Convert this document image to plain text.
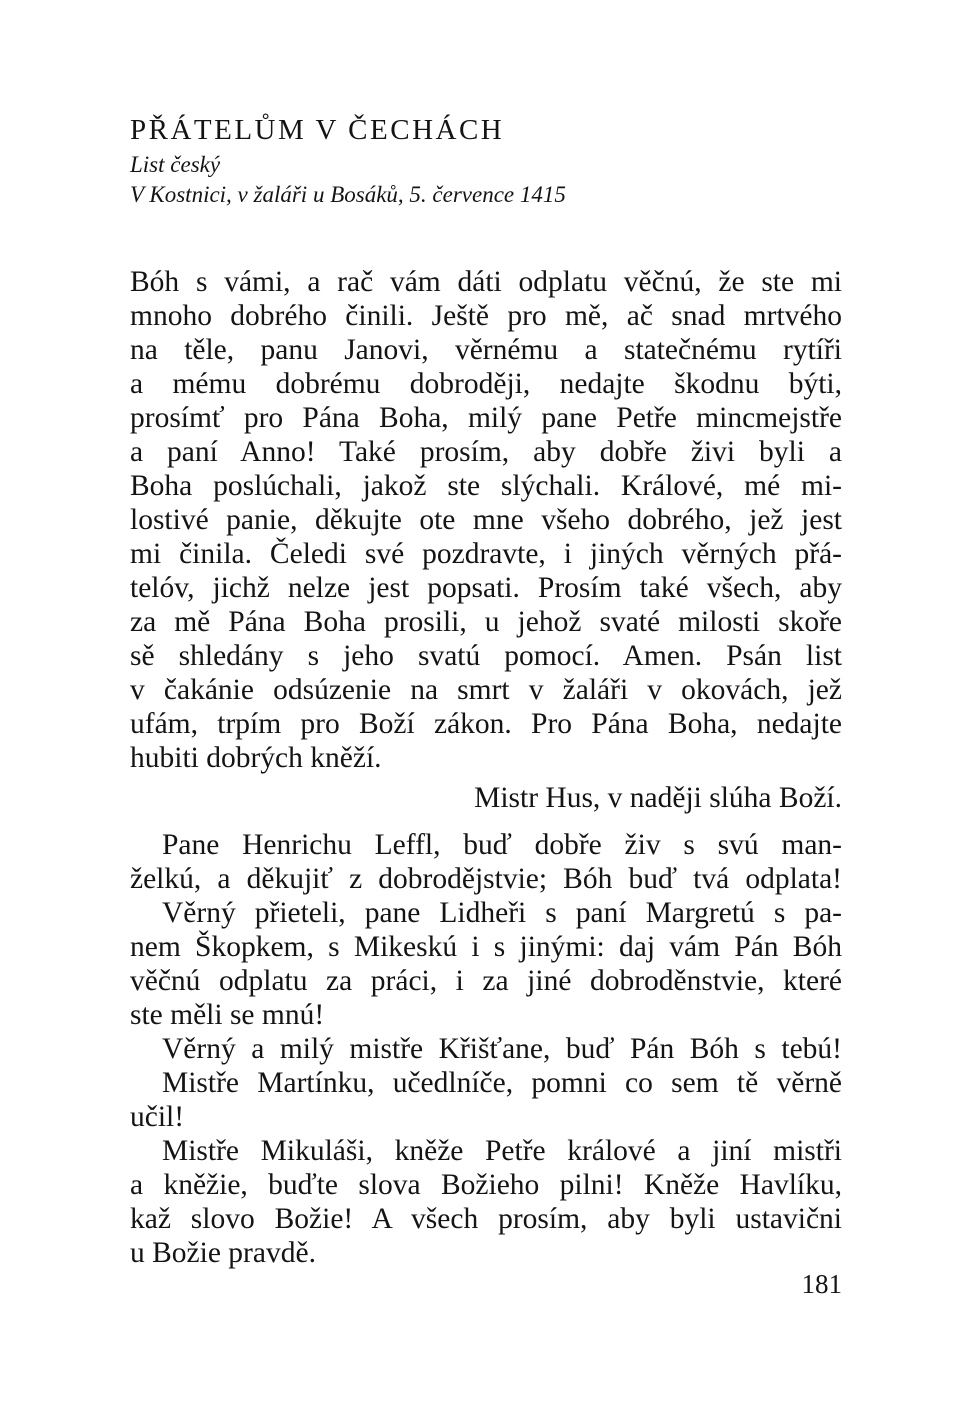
PŘÁTELŮM V ČECHÁCH
List český
V Kostnici, v žaláři u Bosáků, 5. července 1415
Bóh s vámi, a rač vám dáti odplatu věčnú, že ste mi
mnoho dobrého činili. Ještě pro mě, ač snad mrtvého
na těle, panu Janovi, věrnému a statečnému rytíři
a mému dobrému dobroději, nedajte škodnu býti,
prosímť pro Pána Boha, milý pane Petře mincmejstře
a paní Anno! Také prosím, aby dobře živi byli a
Boha poslúchali, jakož ste slýchali. Králové, mé mi-
lostivé panie, děkujte ote mne všeho dobrého, jež jest
mi činila. Čeledi své pozdravte, i jiných věrných přá-
telóv, jichž nelze jest popsati. Prosím také všech, aby
za mě Pána Boha prosili, u jehož svaté milosti skoře
sě shledány s jeho svatú pomocí. Amen. Psán list
v čakánie odsúzenie na smrt v žaláři v okovách, jež
ufám, trpím pro Boží zákon. Pro Pána Boha, nedajte
hubiti dobrých kněží.
Mistr Hus, v naději slúha Boží.
Pane Henrichu Leffl, buď dobře živ s svú man-
želkú, a děkujiť z dobrodějstvie; Bóh buď tvá odplata!
Věrný přieteli, pane Lidheři s paní Margretú s pa-
nem Škopkem, s Mikeskú i s jinými: daj vám Pán Bóh
věčnú odplatu za práci, i za jiné dobroděnstvie, které
ste měli se mnú!
Věrný a milý mistře Křišťane, buď Pán Bóh s tebú!
Mistře Martínku, učedlníče, pomni co sem tě věrně
učil!
Mistře Mikuláši, kněže Petře králové a jiní mistři
a kněžie, buďte slova Božieho pilni! Kněže Havlíku,
kaž slovo Božie! A všech prosím, aby byli ustavični
u Božie pravdě.
181
